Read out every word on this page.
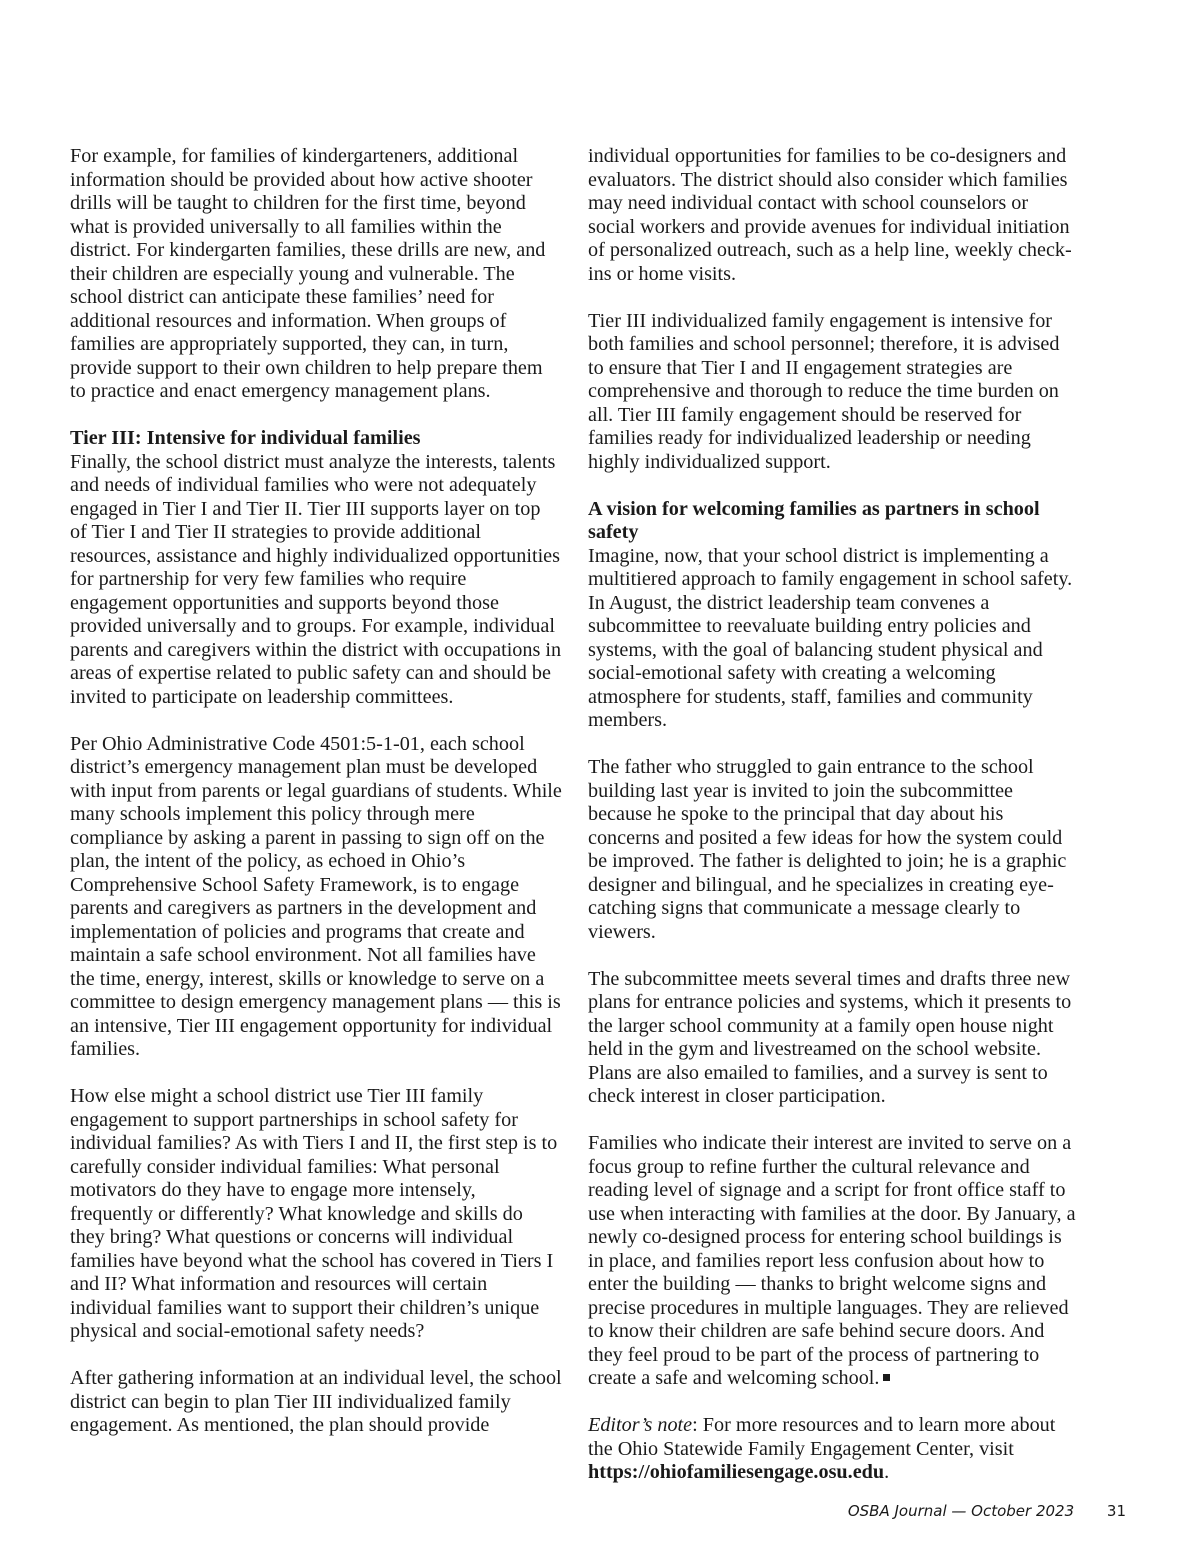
For example, for families of kindergarteners, additional information should be provided about how active shooter drills will be taught to children for the first time, beyond what is provided universally to all families within the district. For kindergarten families, these drills are new, and their children are especially young and vulnerable. The school district can anticipate these families’ need for additional resources and information. When groups of families are appropriately supported, they can, in turn, provide support to their own children to help prepare them to practice and enact emergency management plans.

Tier III: Intensive for individual families

Finally, the school district must analyze the interests, talents and needs of individual families who were not adequately engaged in Tier I and Tier II. Tier III supports layer on top of Tier I and Tier II strategies to provide additional resources, assistance and highly individualized opportunities for partnership for very few families who require engagement opportunities and supports beyond those provided universally and to groups. For example, individual parents and caregivers within the district with occupations in areas of expertise related to public safety can and should be invited to participate on leadership committees.

Per Ohio Administrative Code 4501:5-1-01, each school district’s emergency management plan must be developed with input from parents or legal guardians of students. While many schools implement this policy through mere compliance by asking a parent in passing to sign off on the plan, the intent of the policy, as echoed in Ohio’s Comprehensive School Safety Framework, is to engage parents and caregivers as partners in the development and implementation of policies and programs that create and maintain a safe school environment. Not all families have the time, energy, interest, skills or knowledge to serve on a committee to design emergency management plans — this is an intensive, Tier III engagement opportunity for individual families.

How else might a school district use Tier III family engagement to support partnerships in school safety for individual families? As with Tiers I and II, the first step is to carefully consider individual families: What personal motivators do they have to engage more intensely, frequently or differently? What knowledge and skills do they bring? What questions or concerns will individual families have beyond what the school has covered in Tiers I and II? What information and resources will certain individual families want to support their children’s unique physical and social-emotional safety needs?

After gathering information at an individual level, the school district can begin to plan Tier III individualized family engagement. As mentioned, the plan should provide

individual opportunities for families to be co-designers and evaluators. The district should also consider which families may need individual contact with school counselors or social workers and provide avenues for individual initiation of personalized outreach, such as a help line, weekly check-ins or home visits.

Tier III individualized family engagement is intensive for both families and school personnel; therefore, it is advised to ensure that Tier I and II engagement strategies are comprehensive and thorough to reduce the time burden on all. Tier III family engagement should be reserved for families ready for individualized leadership or needing highly individualized support.

A vision for welcoming families as partners in school safety

Imagine, now, that your school district is implementing a multitiered approach to family engagement in school safety. In August, the district leadership team convenes a subcommittee to reevaluate building entry policies and systems, with the goal of balancing student physical and social-emotional safety with creating a welcoming atmosphere for students, staff, families and community members.

The father who struggled to gain entrance to the school building last year is invited to join the subcommittee because he spoke to the principal that day about his concerns and posited a few ideas for how the system could be improved. The father is delighted to join; he is a graphic designer and bilingual, and he specializes in creating eye-catching signs that communicate a message clearly to viewers.

The subcommittee meets several times and drafts three new plans for entrance policies and systems, which it presents to the larger school community at a family open house night held in the gym and livestreamed on the school website. Plans are also emailed to families, and a survey is sent to check interest in closer participation.

Families who indicate their interest are invited to serve on a focus group to refine further the cultural relevance and reading level of signage and a script for front office staff to use when interacting with families at the door. By January, a newly co-designed process for entering school buildings is in place, and families report less confusion about how to enter the building — thanks to bright welcome signs and precise procedures in multiple languages. They are relieved to know their children are safe behind secure doors. And they feel proud to be part of the process of partnering to create a safe and welcoming school.

Editor’s note: For more resources and to learn more about the Ohio Statewide Family Engagement Center, visit https://ohiofamiliesengage.osu.edu.

OSBA Journal — October 2023 31
